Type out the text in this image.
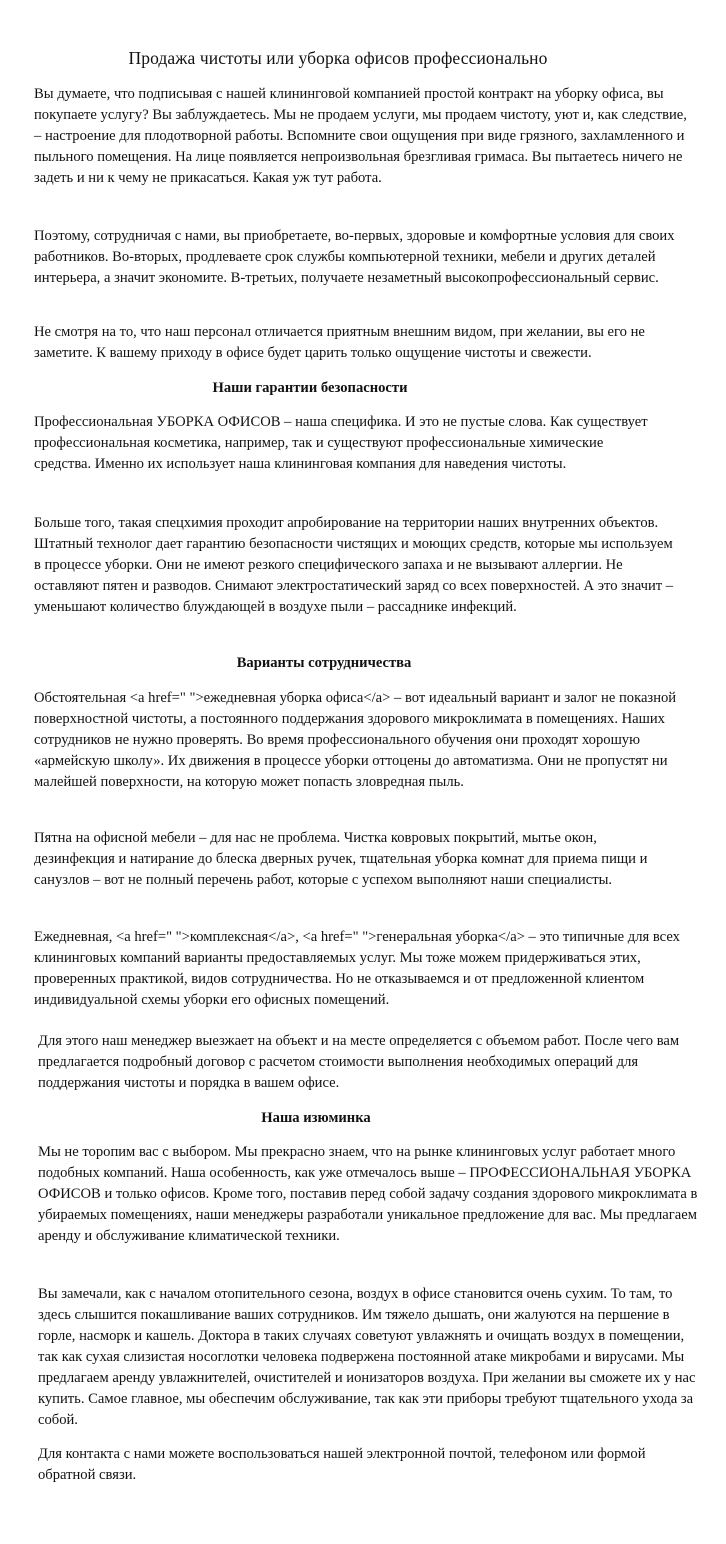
Продажа чистоты или уборка офисов профессионально

Вы думаете, что подписывая с нашей клининговой компанией простой контракт на уборку офиса, вы покупаете услугу? Вы заблуждаетесь. Мы не продаем услуги, мы продаем чистоту, уют и, как следствие, – настроение для плодотворной работы. Вспомните свои ощущения при виде грязного, захламленного и пыльного помещения. На лице появляется непроизвольная брезгливая гримаса. Вы пытаетесь ничего не задеть и ни к чему не прикасаться. Какая уж тут работа.

Поэтому, сотрудничая с нами, вы приобретаете, во-первых, здоровые и комфортные условия для своих работников. Во-вторых, продлеваете срок службы компьютерной техники, мебели и других деталей интерьера, а значит экономите. В-третьих, получаете незаметный высокопрофессиональный сервис.

Не смотря на то, что наш персонал отличается приятным внешним видом, при желании, вы его не заметите. К вашему приходу в офисе будет царить только ощущение чистоты и свежести.

Наши гарантии безопасности

Профессиональная УБОРКА ОФИСОВ – наша специфика. И это не пустые слова. Как существует профессиональная косметика, например, так и существуют профессиональные химические средства. Именно их использует наша клининговая компания для наведения чистоты.

Больше того, такая спецхимия проходит апробирование на территории наших внутренних объектов. Штатный технолог дает гарантию безопасности чистящих и моющих средств, которые мы используем в процессе уборки. Они не имеют резкого специфического запаха и не вызывают аллергии. Не оставляют пятен и разводов. Снимают электростатический заряд со всех поверхностей. А это значит – уменьшают количество блуждающей в воздухе пыли – рассаднике инфекций.

Варианты сотрудничества

Обстоятельная <a href=" ">ежедневная уборка офиса</a> – вот идеальный вариант и залог не показной поверхностной чистоты, а постоянного поддержания здорового микроклимата в помещениях. Наших сотрудников не нужно проверять. Во время профессионального обучения они проходят хорошую «армейскую школу». Их движения в процессе уборки оттоцены до автоматизма. Они не пропустят ни малейшей поверхности, на которую может попасть зловредная пыль.

Пятна на офисной мебели – для нас не проблема. Чистка ковровых покрытий, мытье окон, дезинфекция и натирание до блеска дверных ручек, тщательная уборка комнат для приема пищи и санузлов – вот не полный перечень работ, которые с успехом выполняют наши специалисты.

Ежедневная, <a href=" ">комплексная</a>, <a href=" ">генеральная уборка</a> – это типичные для всех клининговых компаний варианты предоставляемых услуг. Мы тоже можем придерживаться этих, проверенных практикой, видов сотрудничества. Но не отказываемся и от предложенной клиентом индивидуальной схемы уборки его офисных помещений.

Для этого наш менеджер выезжает на объект и на месте определяется с объемом работ. После чего вам предлагается подробный договор с расчетом стоимости выполнения необходимых операций для поддержания чистоты и порядка в вашем офисе.

Наша изюминка

Мы не торопим вас с выбором. Мы прекрасно знаем, что на рынке клининговых услуг работает много подобных компаний. Наша особенность, как уже отмечалось выше – ПРОФЕССИОНАЛЬНАЯ УБОРКА ОФИСОВ и только офисов. Кроме того, поставив перед собой задачу создания здорового микроклимата в убираемых помещениях, наши менеджеры разработали уникальное предложение для вас. Мы предлагаем аренду и обслуживание климатической техники.

Вы замечали, как с началом отопительного сезона, воздух в офисе становится очень сухим. То там, то здесь слышится покашливание ваших сотрудников. Им тяжело дышать, они жалуются на першение в горле, насморк и кашель. Доктора в таких случаях советуют увлажнять и очищать воздух в помещении, так как сухая слизистая носоглотки человека подвержена постоянной атаке микробами и вирусами. Мы предлагаем аренду увлажнителей, очистителей и ионизаторов воздуха. При желании вы сможете их у нас купить. Самое главное, мы обеспечим обслуживание, так как эти приборы требуют тщательного ухода за собой.

Для контакта с нами можете воспользоваться нашей электронной почтой, телефоном или формой обратной связи.
